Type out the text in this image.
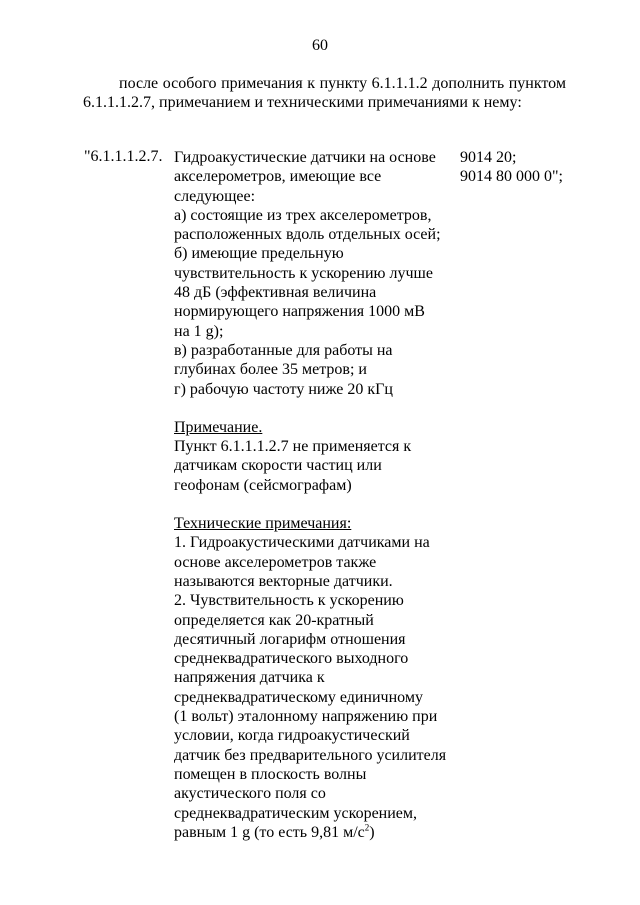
60
после особого примечания к пункту 6.1.1.1.2 дополнить пунктом 6.1.1.1.2.7, примечанием и техническими примечаниями к нему:
"6.1.1.1.2.7. Гидроакустические датчики на основе
акселерометров, имеющие все
следующее:
а) состоящие из трех акселерометров,
расположенных вдоль отдельных осей;
б) имеющие предельную
чувствительность к ускорению лучше
48 дБ (эффективная величина
нормирующего напряжения 1000 мВ
на 1 g);
в) разработанные для работы на
глубинах более 35 метров; и
г) рабочую частоту ниже 20 кГц
Примечание.
Пункт 6.1.1.1.2.7 не применяется к
датчикам скорости частиц или
геофонам (сейсмографам)
Технические примечания:
1. Гидроакустическими датчиками на
основе акселерометров также
называются векторные датчики.
2. Чувствительность к ускорению
определяется как 20-кратный
десятичный логарифм отношения
среднеквадратического выходного
напряжения датчика к
среднеквадратическому единичному
(1 вольт) эталонному напряжению при
условии, когда гидроакустический
датчик без предварительного усилителя
помещен в плоскость волны
акустического поля со
среднеквадратическим ускорением,
равным 1 g (то есть 9,81 $м/с^2$)
9014 20;
9014 80 000 0";
